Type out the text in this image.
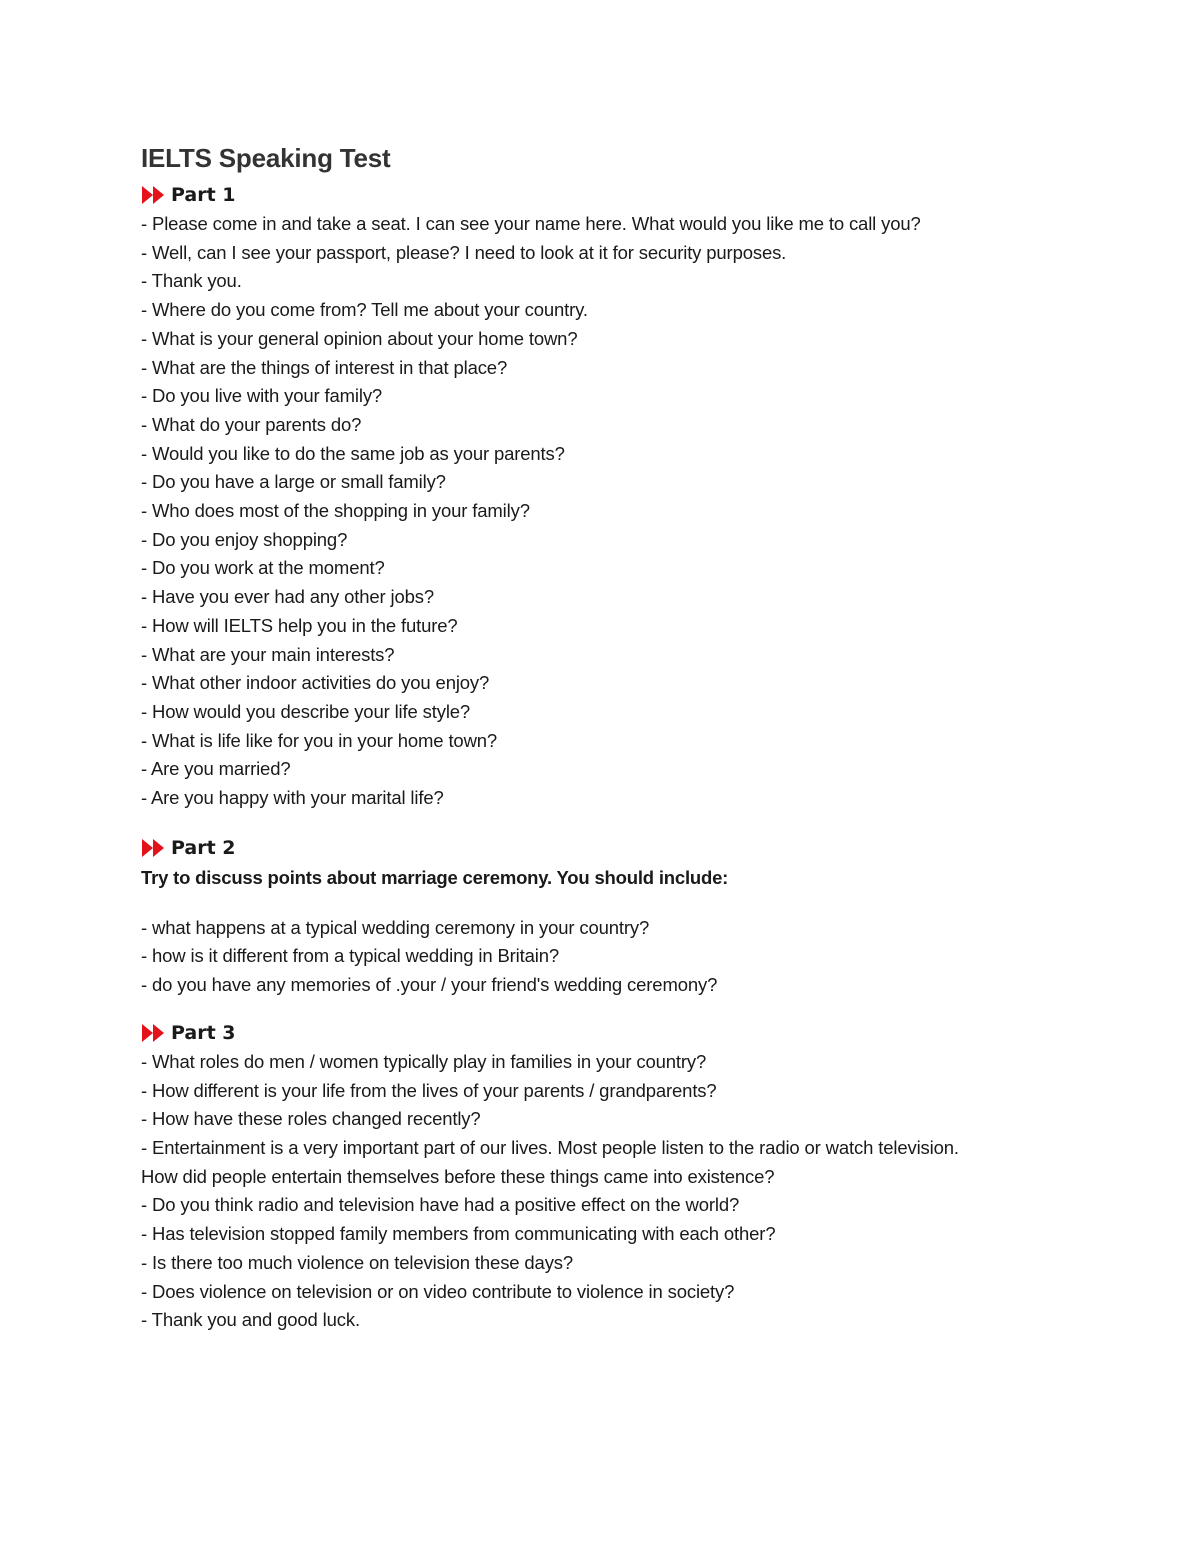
IELTS Speaking Test
Part 1
- Please come in and take a seat. I can see your name here. What would you like me to call you?
- Well, can I see your passport, please? I need to look at it for security purposes.
- Thank you.
- Where do you come from? Tell me about your country.
- What is your general opinion about your home town?
- What are the things of interest in that place?
- Do you live with your family?
- What do your parents do?
- Would you like to do the same job as your parents?
- Do you have a large or small family?
- Who does most of the shopping in your family?
- Do you enjoy shopping?
- Do you work at the moment?
- Have you ever had any other jobs?
- How will IELTS help you in the future?
- What are your main interests?
- What other indoor activities do you enjoy?
- How would you describe your life style?
- What is life like for you in your home town?
- Are you married?
- Are you happy with your marital life?
Part 2

Try to discuss points about marriage ceremony. You should include:

- what happens at a typical wedding ceremony in your country?
- how is it different from a typical wedding in Britain?
- do you have any memories of .your / your friend's wedding ceremony?
Part 3
- What roles do men / women typically play in families in your country?
- How different is your life from the lives of your parents / grandparents?
- How have these roles changed recently?
- Entertainment is a very important part of our lives. Most people listen to the radio or watch television.
How did people entertain themselves before these things came into existence?
- Do you think radio and television have had a positive effect on the world?
- Has television stopped family members from communicating with each other?
- Is there too much violence on television these days?
- Does violence on television or on video contribute to violence in society?
- Thank you and good luck.
